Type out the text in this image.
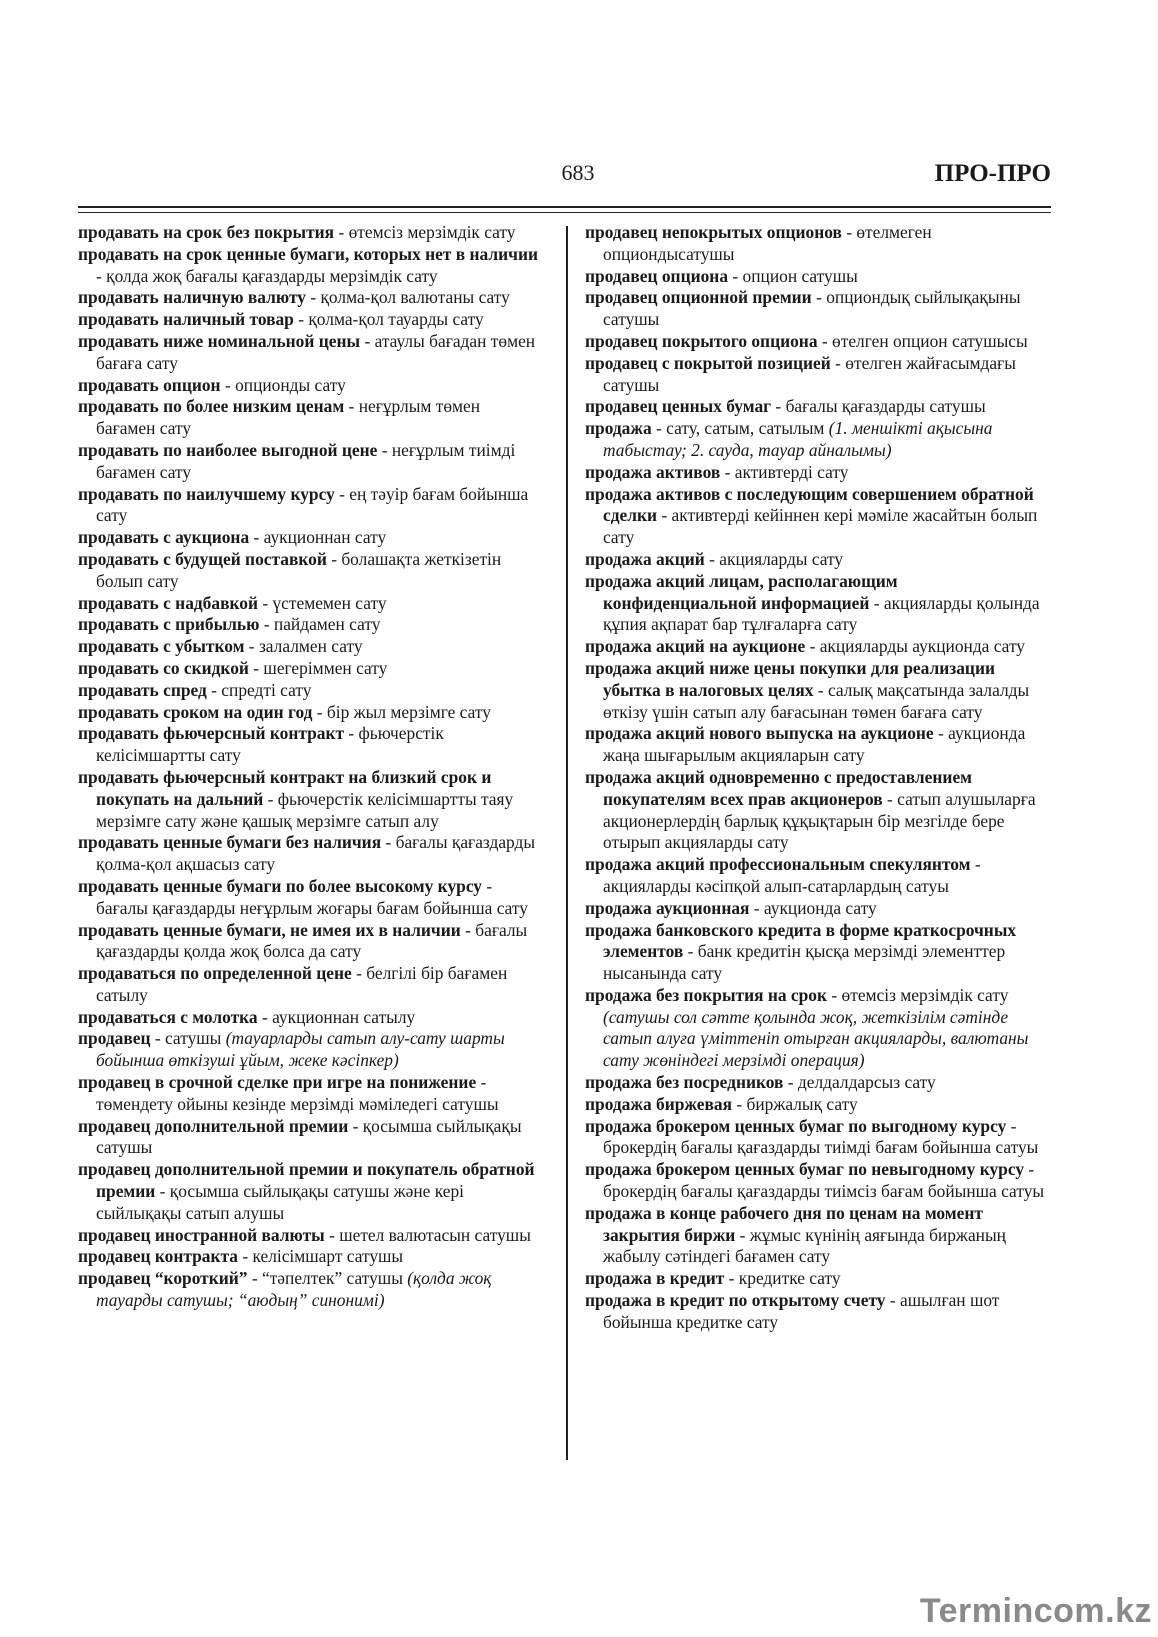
683	ПРО-ПРО

продавать на срок без покрытия - өтемсіз мерзімдік сату

продавать на срок ценные бумаги, которых нет в наличии - қолда жоқ бағалы қағаздарды мерзімдік сату

продавать наличную валюту - қолма-қол валютаны сату

продавать наличный товар - қолма-қол тауарды сату

продавать ниже номинальной цены - атаулы бағадан төмен бағаға сату

продавать опцион - опционды сату

продавать по более низким ценам - неғұрлым төмен бағамен сату

продавать по наиболее выгодной цене - неғұрлым тиімді бағамен сату

продавать по наилучшему курсу - ең тәуір бағам бойынша сату

продавать с аукциона - аукционнан сату

продавать с будущей поставкой - болашақта жеткізетін болып сату

продавать с надбавкой - үстемемен сату

продавать с прибылью - пайдамен сату

продавать с убытком - залалмен сату

продавать со скидкой - шегеріммен сату

продавать спред - спредті сату

продавать сроком на один год - бір жыл мерзімге сату

продавать фьючерсный контракт - фьючерстік келісімшартты сату

продавать фьючерсный контракт на близкий срок и покупать на дальний - фьючерстік келісімшартты таяу мерзімге сату және қашық мерзімге сатып алу

продавать ценные бумаги без наличия - бағалы қағаздарды қолма-қол ақшасыз сату

продавать ценные бумаги по более высокому курсу - бағалы қағаздарды неғұрлым жоғары бағам бойынша сату

продавать ценные бумаги, не имея их в наличии - бағалы қағаздарды қолда жоқ болса да сату

продаваться по определенной цене - белгілі бір бағамен сатылу

продаваться с молотка - аукционнан сатылу

продавец - сатушы (тауарларды сатып алу-сату шарты бойынша өткізуші ұйым, жеке кәсіпкер)

продавец в срочной сделке при игре на понижение - төмендету ойыны кезінде мерзімді мәміледегі сатушы

продавец дополнительной премии - қосымша сыйлықақы сатушы

продавец дополнительной премии и покупатель обратной премии - қосымша сыйлықақы сатушы және кері сыйлықақы сатып алушы

продавец иностранной валюты - шетел валютасын сатушы

продавец контракта - келісімшарт сатушы

продавец “короткий” - “тәпелтек” сатушы (қолда жоқ тауарды сатушы; “аюдың” синонимі)

продавец непокрытых опционов - өтелмеген опциондысатушы

продавец опциона - опцион сатушы

продавец опционной премии - опциондық сыйлықақыны сатушы

продавец покрытого опциона - өтелген опцион сатушысы

продавец с покрытой позицией - өтелген жайғасымдағы сатушы

продавец ценных бумаг - бағалы қағаздарды сатушы

продажа - сату, сатым, сатылым (1. меншікті ақысына табыстау; 2. сауда, тауар айналымы)

продажа активов - активтерді сату

продажа активов с последующим совершением обратной сделки - активтерді кейіннен кері мәміле жасайтын болып сату

продажа акций - акцияларды сату

продажа акций лицам, располагающим конфиденциальной информацией - акцияларды қолында құпия ақпарат бар тұлғаларға сату

продажа акций на аукционе - акцияларды аукционда сату

продажа акций ниже цены покупки для реализации убытка в налоговых целях - салық мақсатында залалды өткізу үшін сатып алу бағасынан төмен бағаға сату

продажа акций нового выпуска на аукционе - аукционда жаңа шығарылым акцияларын сату

продажа акций одновременно с предоставлением покупателям всех прав акционеров - сатып алушыларға акционерлердің барлық құқықтарын бір мезгілде бере отырып акцияларды сату

продажа акций профессиональным спекулянтом - акцияларды кәсіпқой алып-сатарлардың сатуы

продажа аукционная - аукционда сату

продажа банковского кредита в форме краткосрочных элементов - банк кредитін қысқа мерзімді элементтер нысанында сату

продажа без покрытия на срок - өтемсіз мерзімдік сату (сатушы сол сәтте қолында жоқ, жеткізілім сәтінде сатып алуға үміттеніп отырған акцияларды, валютаны сату жөніндегі мерзімді операция)

продажа без посредников - делдалдарсыз сату

продажа биржевая - биржалық сату

продажа брокером ценных бумаг по выгодному курсу - брокердің бағалы қағаздарды тиімді бағам бойынша сатуы

продажа брокером ценных бумаг по невыгодному курсу - брокердің бағалы қағаздарды тиімсіз бағам бойынша сатуы

продажа в конце рабочего дня по ценам на момент закрытия биржи - жұмыс күнінің аяғында биржаның жабылу сәтіндегі бағамен сату

продажа в кредит - кредитке сату

продажа в кредит по открытому счету - ашылған шот бойынша кредитке сату

Termincom.kz
